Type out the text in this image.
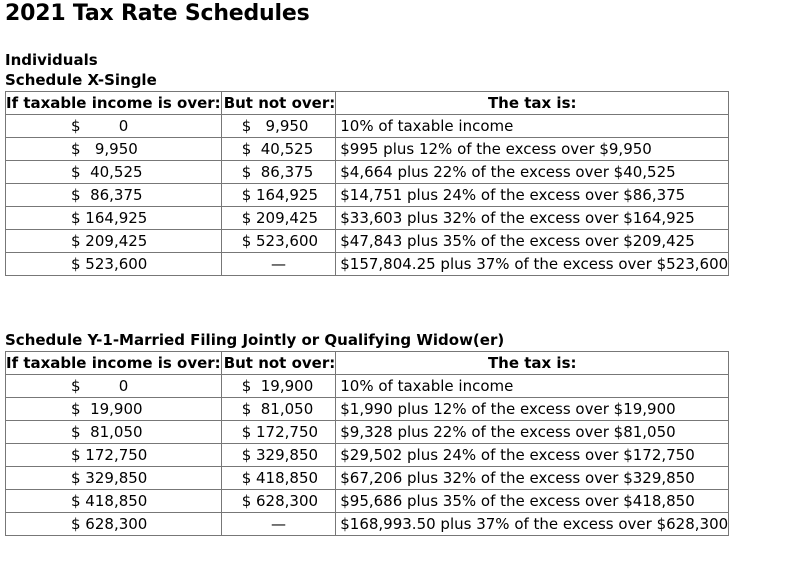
2021 Tax Rate Schedules
Individuals
Schedule X-Single
If taxable income is over:	But not over:	The tax is:
$        0	$   9,950	10% of taxable income
$   9,950	$  40,525	$995 plus 12% of the excess over $9,950
$  40,525	$  86,375	$4,664 plus 22% of the excess over $40,525
$  86,375	$ 164,925	$14,751 plus 24% of the excess over $86,375
$ 164,925	$ 209,425	$33,603 plus 32% of the excess over $164,925
$ 209,425	$ 523,600	$47,843 plus 35% of the excess over $209,425
$ 523,600	—	$157,804.25 plus 37% of the excess over $523,600
Schedule Y-1-Married Filing Jointly or Qualifying Widow(er)
If taxable income is over:	But not over:	The tax is:
$        0	$  19,900	10% of taxable income
$  19,900	$  81,050	$1,990 plus 12% of the excess over $19,900
$  81,050	$ 172,750	$9,328 plus 22% of the excess over $81,050
$ 172,750	$ 329,850	$29,502 plus 24% of the excess over $172,750
$ 329,850	$ 418,850	$67,206 plus 32% of the excess over $329,850
$ 418,850	$ 628,300	$95,686 plus 35% of the excess over $418,850
$ 628,300	—	$168,993.50 plus 37% of the excess over $628,300
